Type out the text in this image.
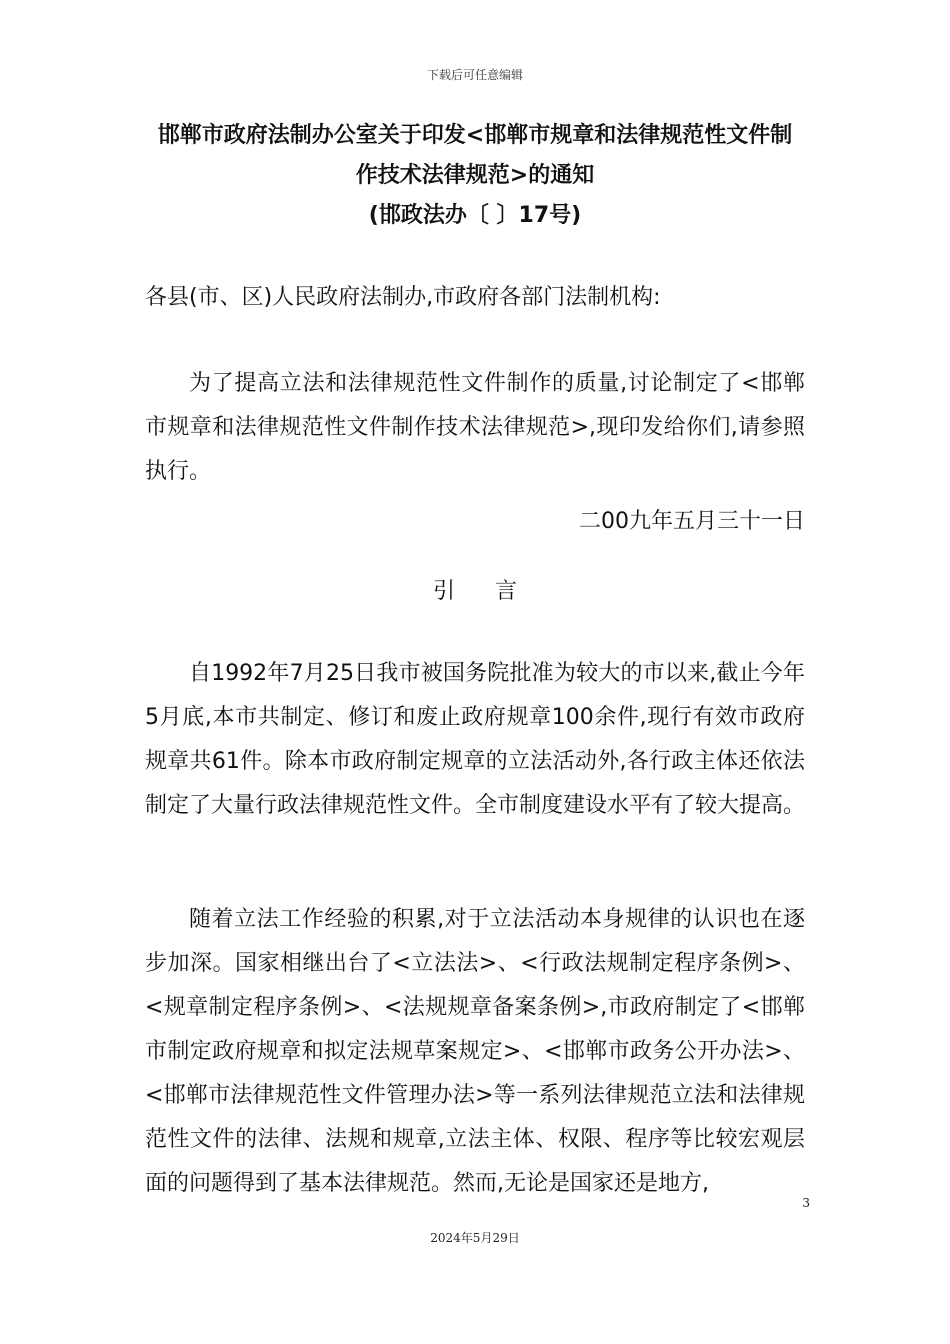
下载后可任意编辑
邯郸市政府法制办公室关于印发<邯郸市规章和法律规范性文件制
作技术法律规范>的通知
(邯政法办〔 〕17号)
各县(市、区)人民政府法制办,市政府各部门法制机构:
为了提高立法和法律规范性文件制作的质量,讨论制定了<邯郸市规章和法律规范性文件制作技术法律规范>,现印发给你们,请参照执行。
二00九年五月三十一日
引言
自1992年7月25日我市被国务院批准为较大的市以来,截止今年5月底,本市共制定、修订和废止政府规章100余件,现行有效市政府规章共61件。除本市政府制定规章的立法活动外,各行政主体还依法制定了大量行政法律规范性文件。全市制度建设水平有了较大提高。
随着立法工作经验的积累,对于立法活动本身规律的认识也在逐步加深。国家相继出台了<立法法>、<行政法规制定程序条例>、<规章制定程序条例>、<法规规章备案条例>,市政府制定了<邯郸市制定政府规章和拟定法规草案规定>、<邯郸市政务公开办法>、<邯郸市法律规范性文件管理办法>等一系列法律规范立法和法律规范性文件的法律、法规和规章,立法主体、权限、程序等比较宏观层面的问题得到了基本法律规范。然而,无论是国家还是地方,
3
2024年5月29日
